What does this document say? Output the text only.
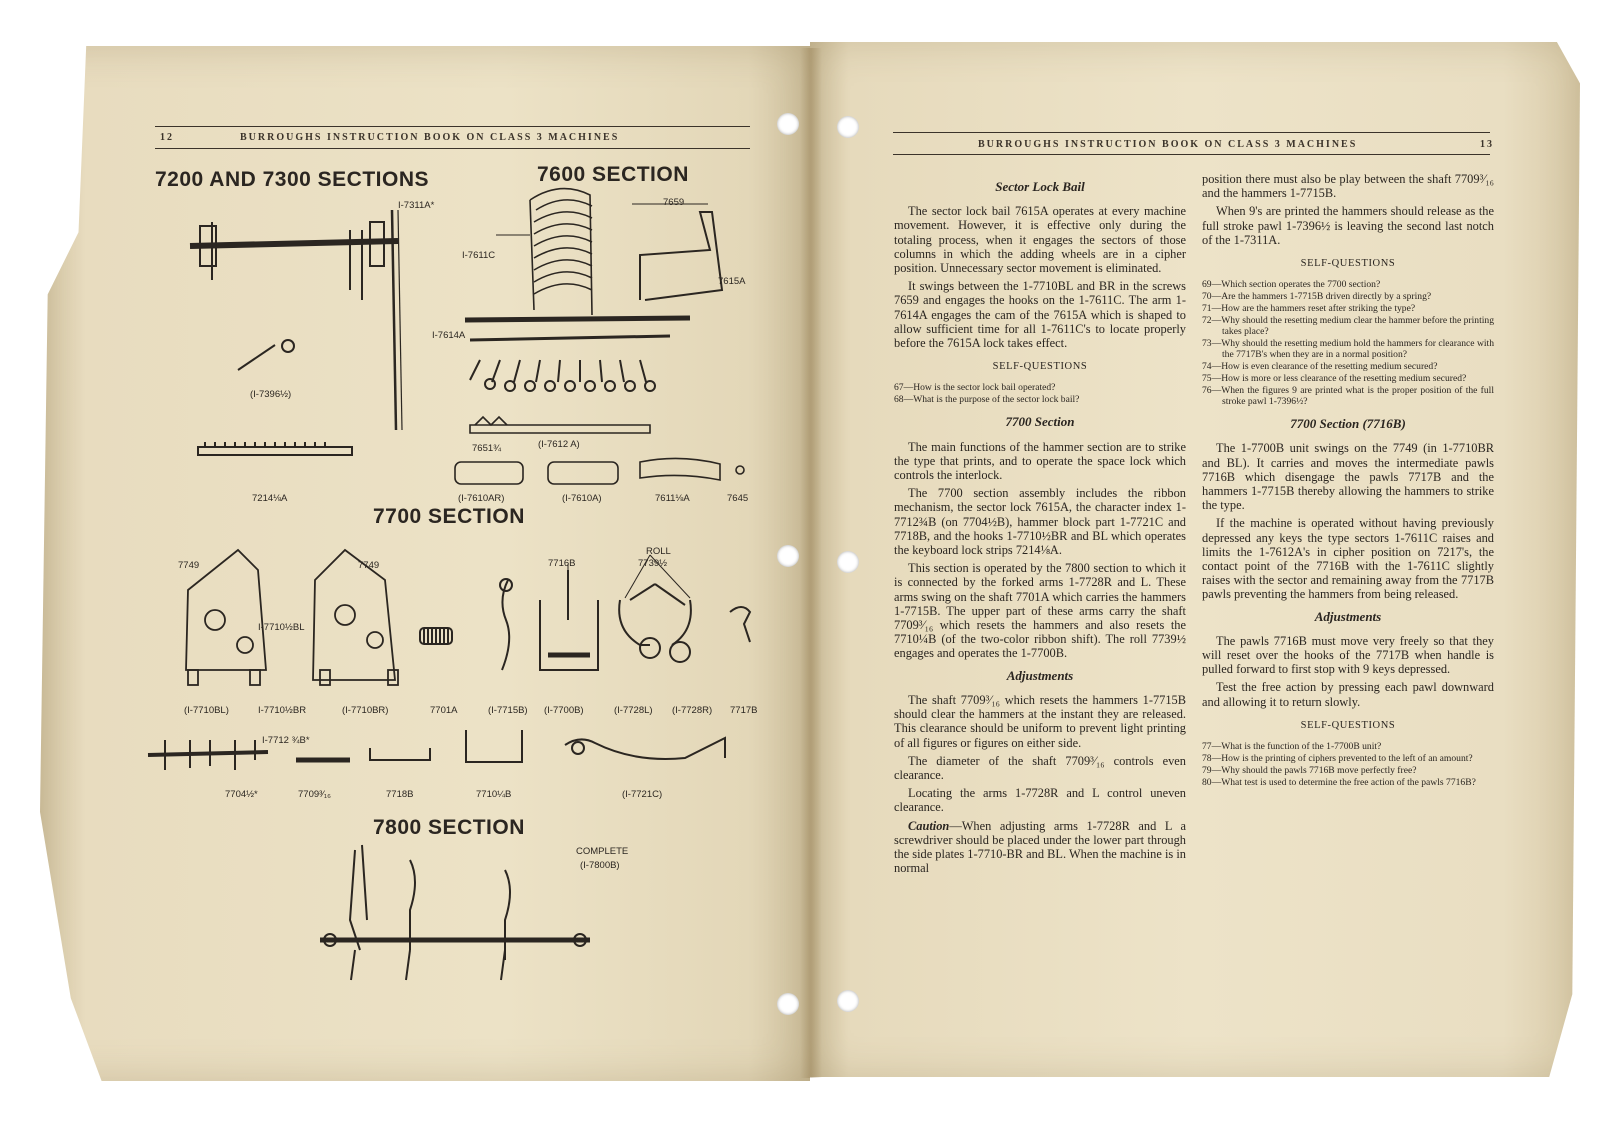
12	BURROUGHS INSTRUCTION BOOK ON CLASS 3 MACHINES
7200 AND 7300 SECTIONS	7600 SECTION
7700 SECTION
7800 SECTION
I-7311A*
(I-7396½)
7214⅛A
7659
I-7611C
7615A
I-7614A
7651¾	(I-7612 A)
(I-7610AR)	(I-7610A)	7611⅛A	7645
7749	7749	7716B
ROLL
7739½
I-7710½BL
(I-7710BL)	I-7710½BR	(I-7710BR)	7701A	(I-7715B) (I-7700B)	(I-7728L) (I-7728R) 7717B
I-7712 ¾B*
7704½*	7709³⁄₁₆	7718B	7710¼B	(I-7721C)
COMPLETE
(I-7800B)
BURROUGHS INSTRUCTION BOOK ON CLASS 3 MACHINES	13
Sector Lock Bail

The sector lock bail 7615A operates at every machine movement. However, it is effective only during the totaling process, when it engages the sectors of those columns in which the adding wheels are in a cipher position. Unnecessary sector movement is eliminated.

It swings between the 1-7710BL and BR in the screws 7659 and engages the hooks on the 1-7611C. The arm 1-7614A engages the cam of the 7615A which is shaped to allow sufficient time for all 1-7611C's to locate properly before the 7615A lock takes effect.

SELF-QUESTIONS
67—How is the sector lock bail operated?
68—What is the purpose of the sector lock bail?
7700 Section

The main functions of the hammer section are to strike the type that prints, and to operate the space lock which controls the interlock.

The 7700 section assembly includes the ribbon mechanism, the sector lock 7615A, the character index 1-7712¾B (on 7704½B), hammer block part 1-7721C and 7718B, and the hooks 1-7710½BR and BL which operates the keyboard lock strips 7214⅛A.

This section is operated by the 7800 section to which it is connected by the forked arms 1-7728R and L. These arms swing on the shaft 7701A which carries the hammers 1-7715B. The upper part of these arms carry the shaft 7709³⁄₁₆ which resets the hammers and also resets the 7710¼B (of the two-color ribbon shift). The roll 7739½ engages and operates the 1-7700B.

Adjustments

The shaft 7709³⁄₁₆ which resets the hammers 1-7715B should clear the hammers at the instant they are released. This clearance should be uniform to prevent light printing of all figures or figures on either side.

The diameter of the shaft 7709³⁄₁₆ controls even clearance.

Locating the arms 1-7728R and L control uneven clearance.

Caution—When adjusting arms 1-7728R and L a screwdriver should be placed under the lower part through the side plates 1-7710-BR and BL. When the machine is in normal

position there must also be play between the shaft 7709³⁄₁₆ and the hammers 1-7715B.

When 9's are printed the hammers should release as the full stroke pawl 1-7396½ is leaving the second last notch of the 1-7311A.

SELF-QUESTIONS
69—Which section operates the 7700 section?
70—Are the hammers 1-7715B driven directly by a spring?
71—How are the hammers reset after striking the type?
72—Why should the resetting medium clear the hammer before the printing takes place?
73—Why should the resetting medium hold the hammers for clearance with the 7717B's when they are in a normal position?
74—How is even clearance of the resetting medium secured?
75—How is more or less clearance of the resetting medium secured?
76—When the figures 9 are printed what is the proper position of the full stroke pawl 1-7396½?
7700 Section (7716B)

The 1-7700B unit swings on the 7749 (in 1-7710BR and BL). It carries and moves the intermediate pawls 7716B which disengage the pawls 7717B and the hammers 1-7715B thereby allowing the hammers to strike the type.

If the machine is operated without having previously depressed any keys the type sectors 1-7611C raises and limits the 1-7612A's in cipher position on 7217's, the contact point of the 7716B with the 1-7611C slightly raises with the sector and remaining away from the 7717B pawls preventing the hammers from being released.

Adjustments

The pawls 7716B must move very freely so that they will reset over the hooks of the 7717B when handle is pulled forward to first stop with 9 keys depressed.

Test the free action by pressing each pawl downward and allowing it to return slowly.

SELF-QUESTIONS
77—What is the function of the 1-7700B unit?
78—How is the printing of ciphers prevented to the left of an amount?
79—Why should the pawls 7716B move perfectly free?
80—What test is used to determine the free action of the pawls 7716B?
